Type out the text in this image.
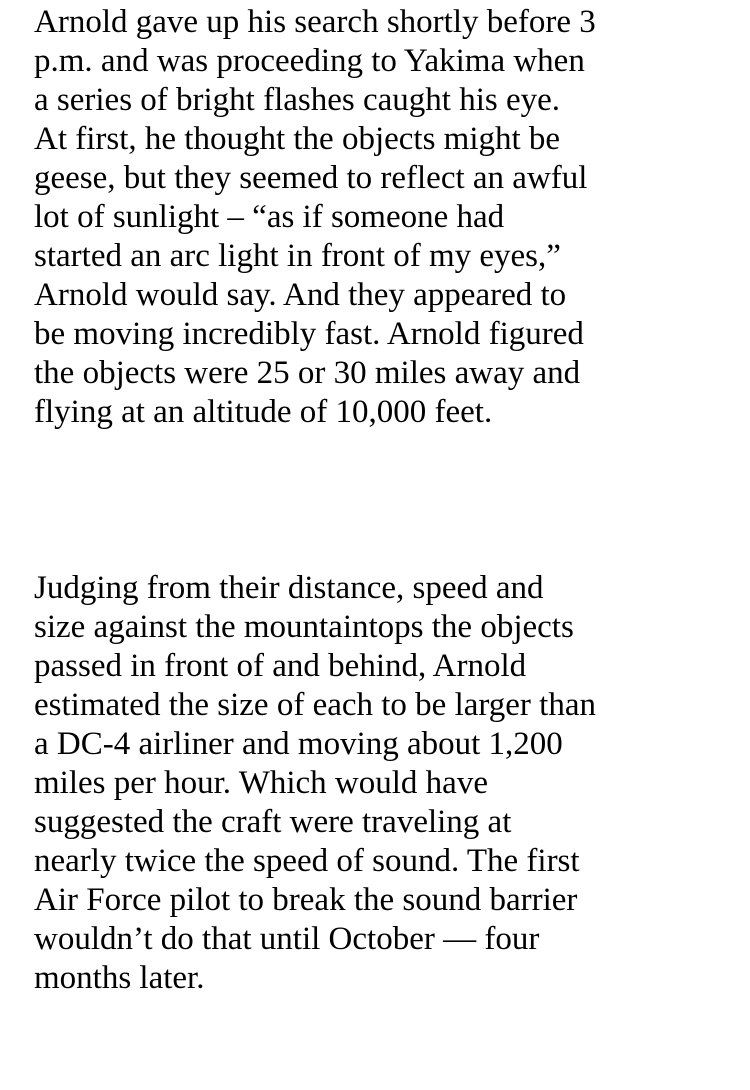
Arnold gave up his search shortly before 3
p.m. and was proceeding to Yakima when
a series of bright flashes caught his eye.
At first, he thought the objects might be
geese, but they seemed to reflect an awful
lot of sunlight – “as if someone had
started an arc light in front of my eyes,”
Arnold would say. And they appeared to
be moving incredibly fast. Arnold figured
the objects were 25 or 30 miles away and
flying at an altitude of 10,000 feet.

Judging from their distance, speed and
size against the mountaintops the objects
passed in front of and behind, Arnold
estimated the size of each to be larger than
a DC-4 airliner and moving about 1,200
miles per hour. Which would have
suggested the craft were traveling at
nearly twice the speed of sound. The first
Air Force pilot to break the sound barrier
wouldn’t do that until October — four
months later.
